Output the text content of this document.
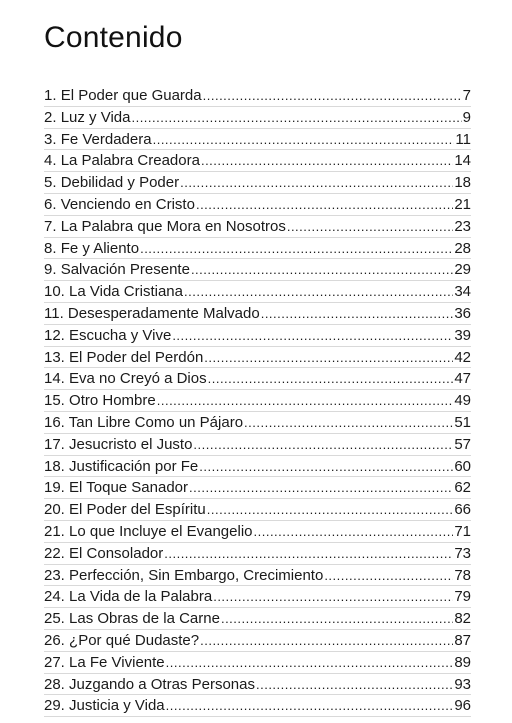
Contenido
1. El Poder que Guarda .....	7
2. Luz y Vida .....	9
3. Fe Verdadera .....	11
4. La Palabra Creadora .....	14
5. Debilidad y Poder .....	18
6. Venciendo en Cristo .....	21
7. La Palabra que Mora en Nosotros .....	23
8. Fe y Aliento .....	28
9. Salvación Presente .....	29
10. La Vida Cristiana .....	34
11. Desesperadamente Malvado .....	36
12. Escucha y Vive .....	39
13. El Poder del Perdón .....	42
14. Eva no Creyó a Dios .....	47
15. Otro Hombre .....	49
16. Tan Libre Como un Pájaro .....	51
17. Jesucristo el Justo .....	57
18. Justificación por Fe .....	60
19. El Toque Sanador .....	62
20. El Poder del Espíritu .....	66
21. Lo que Incluye el Evangelio .....	71
22. El Consolador .....	73
23. Perfección, Sin Embargo, Crecimiento .....	78
24. La Vida de la Palabra .....	79
25. Las Obras de la Carne .....	82
26. ¿Por qué Dudaste? .....	87
27. La Fe Viviente .....	89
28. Juzgando a Otras Personas .....	93
29. Justicia y Vida .....	96
